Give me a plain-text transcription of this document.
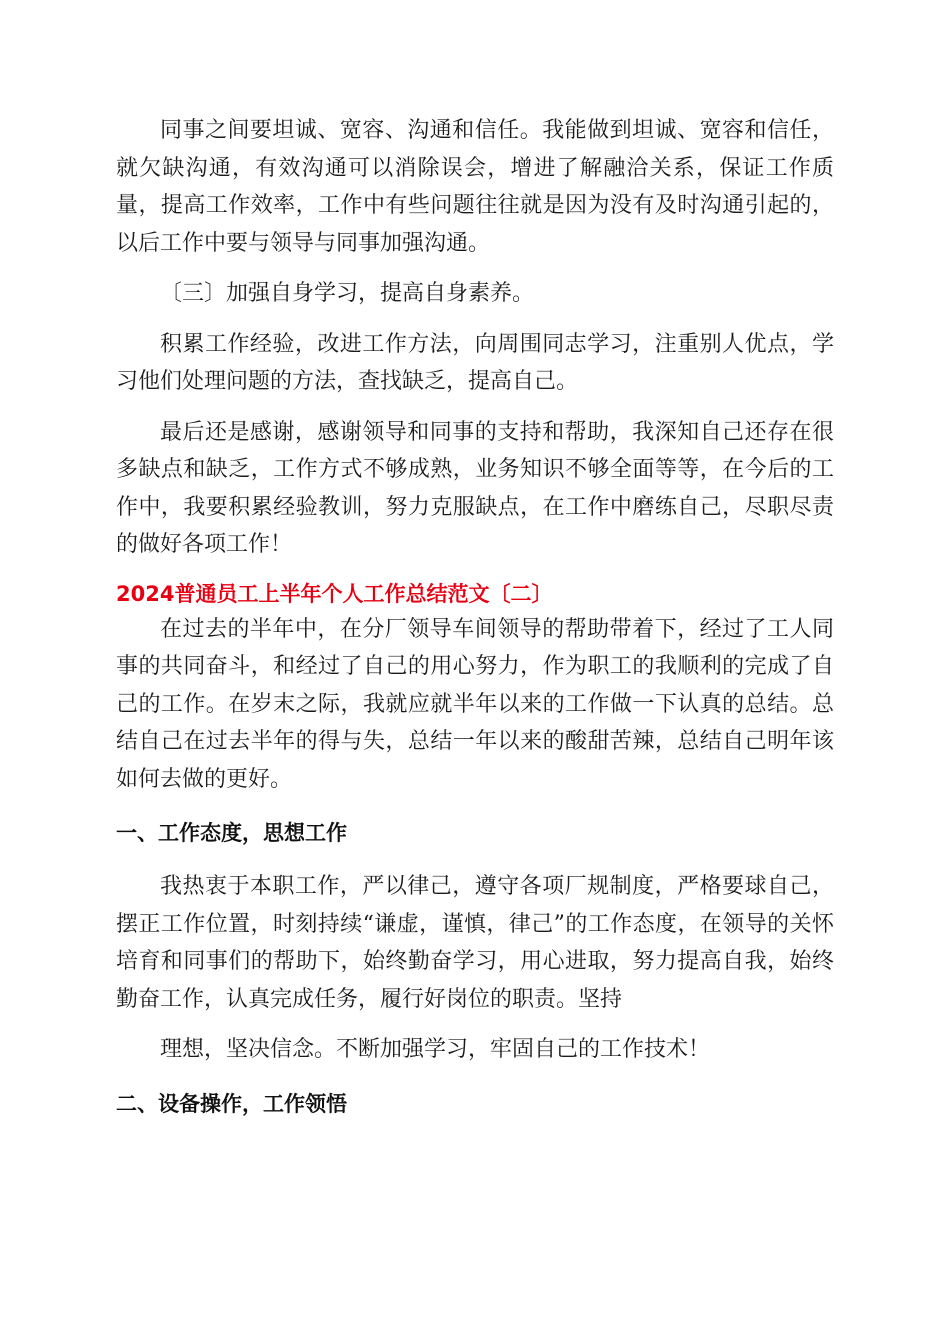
同事之间要坦诚、宽容、沟通和信任。我能做到坦诚、宽容和信任，就欠缺沟通，有效沟通可以消除误会，增进了解融洽关系，保证工作质量，提高工作效率，工作中有些问题往往就是因为没有及时沟通引起的，以后工作中要与领导与同事加强沟通。

〔三〕加强自身学习，提高自身素养。

积累工作经验，改进工作方法，向周围同志学习，注重别人优点，学习他们处理问题的方法，查找缺乏，提高自己。

最后还是感谢，感谢领导和同事的支持和帮助，我深知自己还存在很多缺点和缺乏，工作方式不够成熟，业务知识不够全面等等，在今后的工作中，我要积累经验教训，努力克服缺点，在工作中磨练自己，尽职尽责的做好各项工作！

2024普通员工上半年个人工作总结范文〔二〕

在过去的半年中，在分厂领导车间领导的帮助带着下，经过了工人同事的共同奋斗，和经过了自己的用心努力，作为职工的我顺利的完成了自己的工作。在岁末之际，我就应就半年以来的工作做一下认真的总结。总结自己在过去半年的得与失，总结一年以来的酸甜苦辣，总结自己明年该如何去做的更好。

一、工作态度，思想工作

我热衷于本职工作，严以律己，遵守各项厂规制度，严格要球自己，摆正工作位置，时刻持续“谦虚，谨慎，律己”的工作态度，在领导的关怀培育和同事们的帮助下，始终勤奋学习，用心进取，努力提高自我，始终勤奋工作，认真完成任务，履行好岗位的职责。坚持

理想，坚决信念。不断加强学习，牢固自己的工作技术！

二、设备操作，工作领悟
